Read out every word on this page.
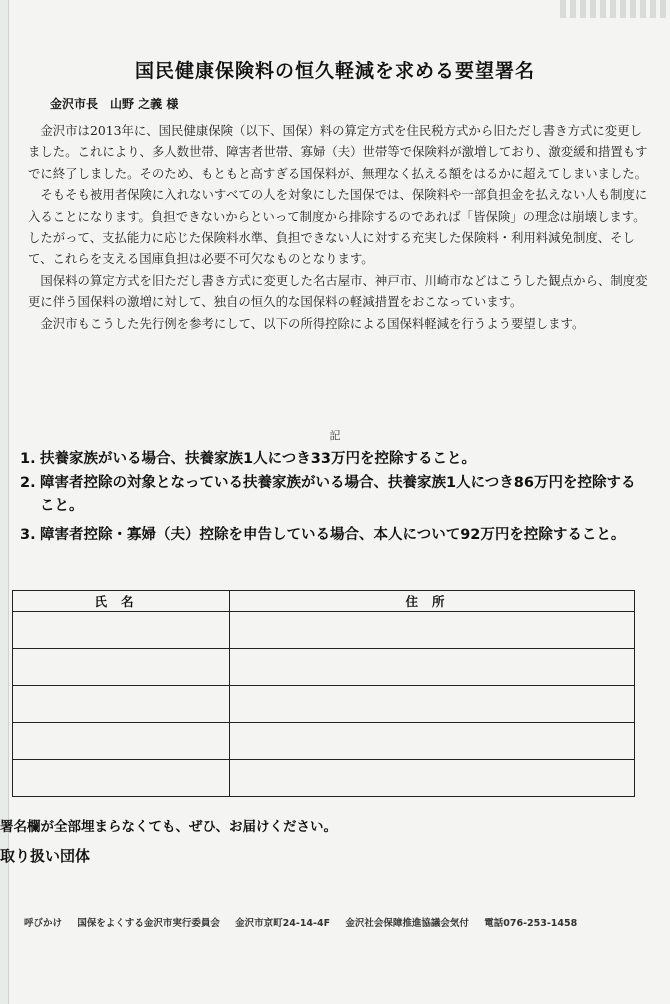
国民健康保険料の恒久軽減を求める要望署名
金沢市長　山野 之義 様

　金沢市は2013年に、国民健康保険（以下、国保）料の算定方式を住民税方式から旧ただし書き方式に変更しました。これにより、多人数世帯、障害者世帯、寡婦（夫）世帯等で保険料が激増しており、激変緩和措置もすでに終了しました。そのため、もともと高すぎる国保料が、無理なく払える額をはるかに超えてしまいました。

　そもそも被用者保険に入れないすべての人を対象にした国保では、保険料や一部負担金を払えない人も制度に入ることになります。負担できないからといって制度から排除するのであれば「皆保険」の理念は崩壊します。したがって、支払能力に応じた保険料水準、負担できない人に対する充実した保険料・利用料減免制度、そして、これらを支える国庫負担は必要不可欠なものとなります。

　国保料の算定方式を旧ただし書き方式に変更した名古屋市、神戸市、川崎市などはこうした観点から、制度変更に伴う国保料の激増に対して、独自の恒久的な国保料の軽減措置をおこなっています。

　金沢市もこうした先行例を参考にして、以下の所得控除による国保料軽減を行うよう要望します。

記
1. 扶養家族がいる場合、扶養家族1人につき33万円を控除すること。
2. 障害者控除の対象となっている扶養家族がいる場合、扶養家族1人につき86万円を控除すること。
3. 障害者控除・寡婦（夫）控除を申告している場合、本人について92万円を控除すること。
氏名	住所

署名欄が全部埋まらなくても、ぜひ、お届けください。
取り扱い団体
呼びかけ 国保をよくする金沢市実行委員会 金沢市京町24-14-4F 金沢社会保障推進協議会気付 電話076-253-1458
